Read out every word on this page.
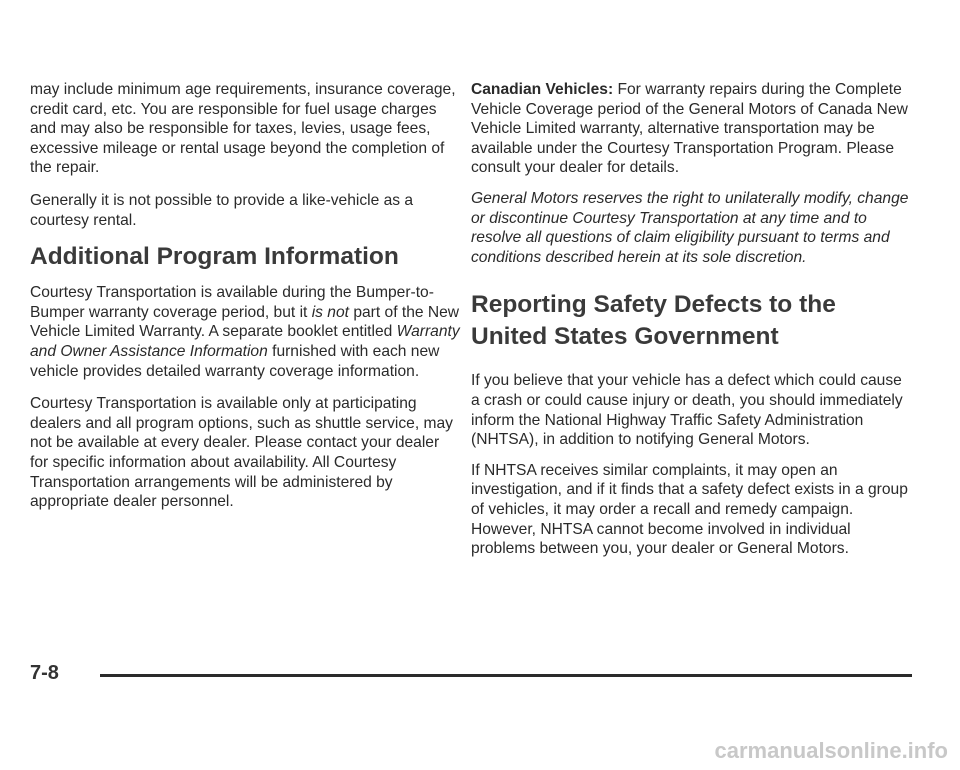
may include minimum age requirements, insurance coverage, credit card, etc. You are responsible for fuel usage charges and may also be responsible for taxes, levies, usage fees, excessive mileage or rental usage beyond the completion of the repair.

Generally it is not possible to provide a like-vehicle as a courtesy rental.

Additional Program Information

Courtesy Transportation is available during the Bumper-to-Bumper warranty coverage period, but it is not part of the New Vehicle Limited Warranty. A separate booklet entitled Warranty and Owner Assistance Information furnished with each new vehicle provides detailed warranty coverage information.

Courtesy Transportation is available only at participating dealers and all program options, such as shuttle service, may not be available at every dealer. Please contact your dealer for specific information about availability. All Courtesy Transportation arrangements will be administered by appropriate dealer personnel.

Canadian Vehicles: For warranty repairs during the Complete Vehicle Coverage period of the General Motors of Canada New Vehicle Limited warranty, alternative transportation may be available under the Courtesy Transportation Program. Please consult your dealer for details.

General Motors reserves the right to unilaterally modify, change or discontinue Courtesy Transportation at any time and to resolve all questions of claim eligibility pursuant to terms and conditions described herein at its sole discretion.

Reporting Safety Defects to the United States Government

If you believe that your vehicle has a defect which could cause a crash or could cause injury or death, you should immediately inform the National Highway Traffic Safety Administration (NHTSA), in addition to notifying General Motors.

If NHTSA receives similar complaints, it may open an investigation, and if it finds that a safety defect exists in a group of vehicles, it may order a recall and remedy campaign. However, NHTSA cannot become involved in individual problems between you, your dealer or General Motors.

7-8
carmanualsonline.info
